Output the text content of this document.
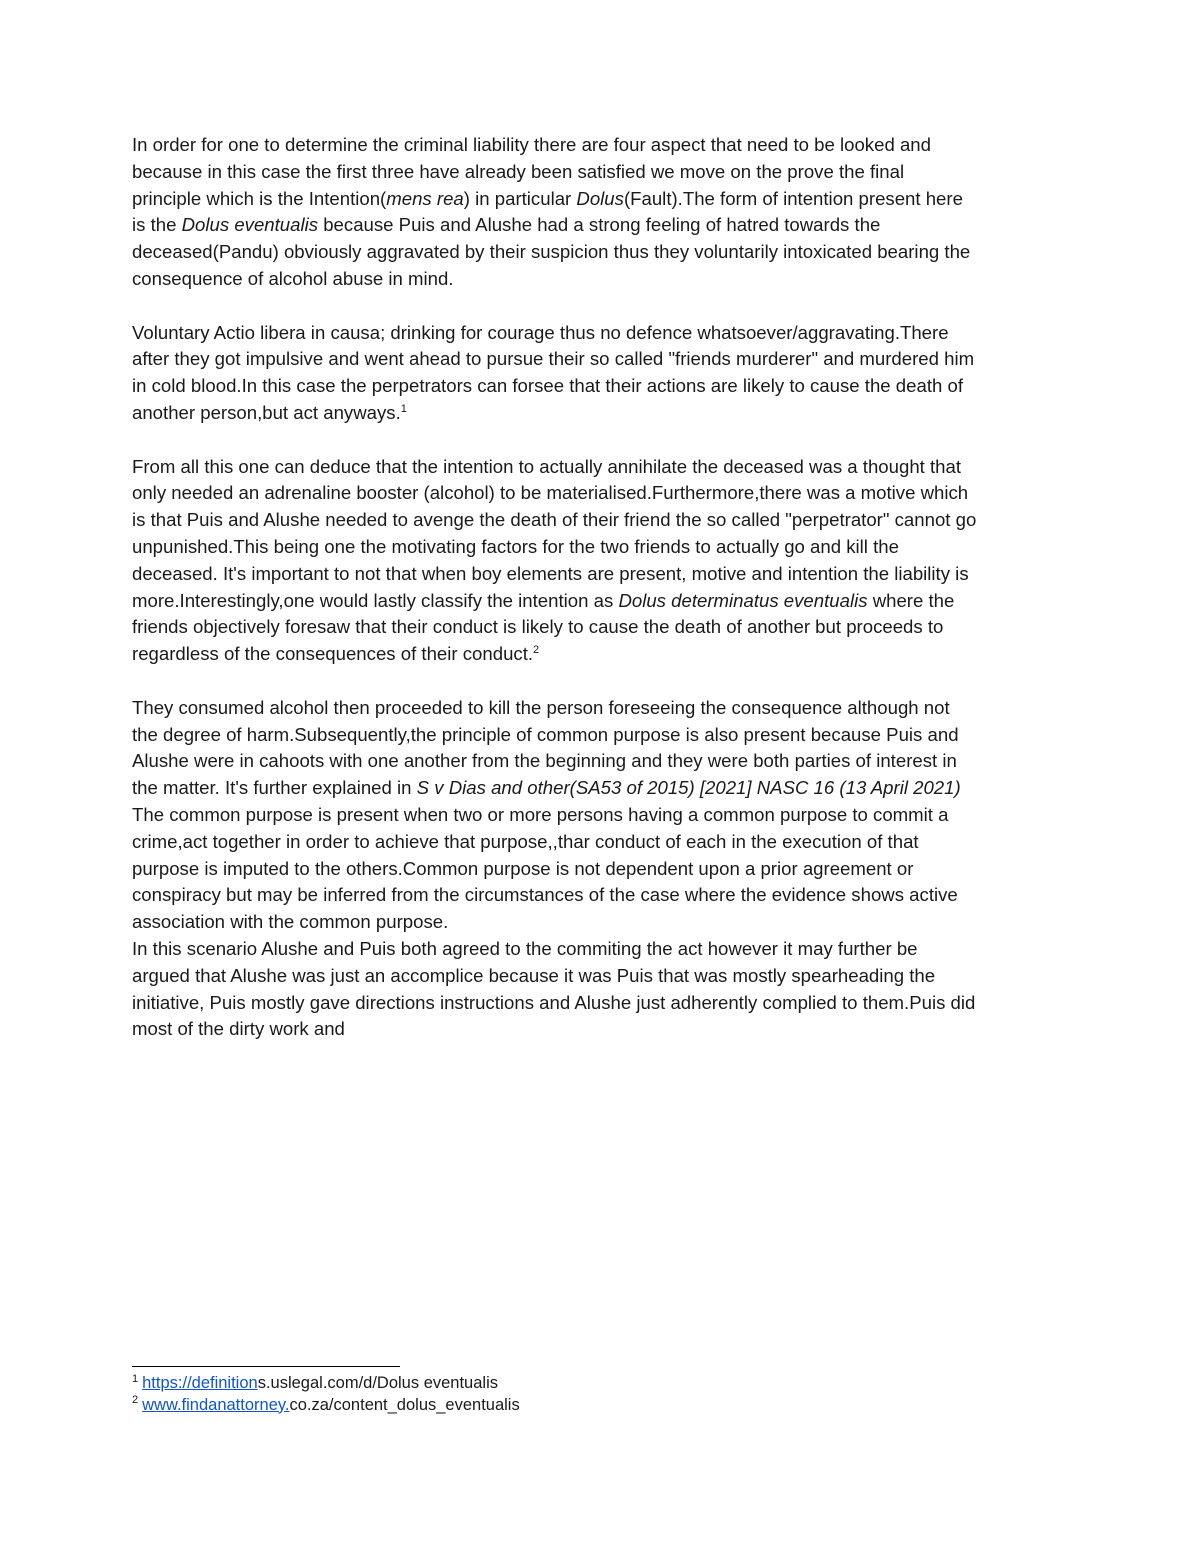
In order for one to determine the criminal liability there are four aspect that need to be looked and because in this case the first three have already been satisfied we move on the prove the final principle which is the Intention(mens rea) in particular Dolus(Fault).The form of intention present here is the Dolus eventualis because Puis and Alushe had a strong feeling of hatred towards the deceased(Pandu) obviously aggravated by their suspicion thus they voluntarily intoxicated bearing the consequence of alcohol abuse in mind.

Voluntary Actio libera in causa; drinking for courage thus no defence whatsoever/aggravating.There after they got impulsive and went ahead to pursue their so called "friends murderer" and murdered him in cold blood.In this case the perpetrators can forsee that their actions are likely to cause the death of another person,but act anyways.$^1$

From all this one can deduce that the intention to actually annihilate the deceased was a thought that only needed an adrenaline booster (alcohol) to be materialised.Furthermore,there was a motive which is that Puis and Alushe needed to avenge the death of their friend the so called "perpetrator" cannot go unpunished.This being one the motivating factors for the two friends to actually go and kill the deceased. It's important to not that when boy elements are present, motive and intention the liability is more.Interestingly,one would lastly classify the intention as Dolus determinatus eventualis where the friends objectively foresaw that their conduct is likely to cause the death of another but proceeds to regardless of the consequences of their conduct.$^2$

They consumed alcohol then proceeded to kill the person foreseeing the consequence although not the degree of harm.Subsequently,the principle of common purpose is also present because Puis and Alushe were in cahoots with one another from the beginning and they were both parties of interest in the matter. It's further explained in S v Dias and other(SA53 of 2015) [2021] NASC 16 (13 April 2021) The common purpose is present when two or more persons having a common purpose to commit a crime,act together in order to achieve that purpose,,thar conduct of each in the execution of that purpose is imputed to the others.Common purpose is not dependent upon a prior agreement or conspiracy but may be inferred from the circumstances of the case where the evidence shows active association with the common purpose.

In this scenario Alushe and Puis both agreed to the commiting the act however it may further be argued that Alushe was just an accomplice because it was Puis that was mostly spearheading the initiative, Puis mostly gave directions instructions and Alushe just adherently complied to them.Puis did most of the dirty work and

$^1$ https://definitions.uslegal.com/d/Dolus eventualis
$^2$ www.findanattorney.co.za/content_dolus_eventualis
